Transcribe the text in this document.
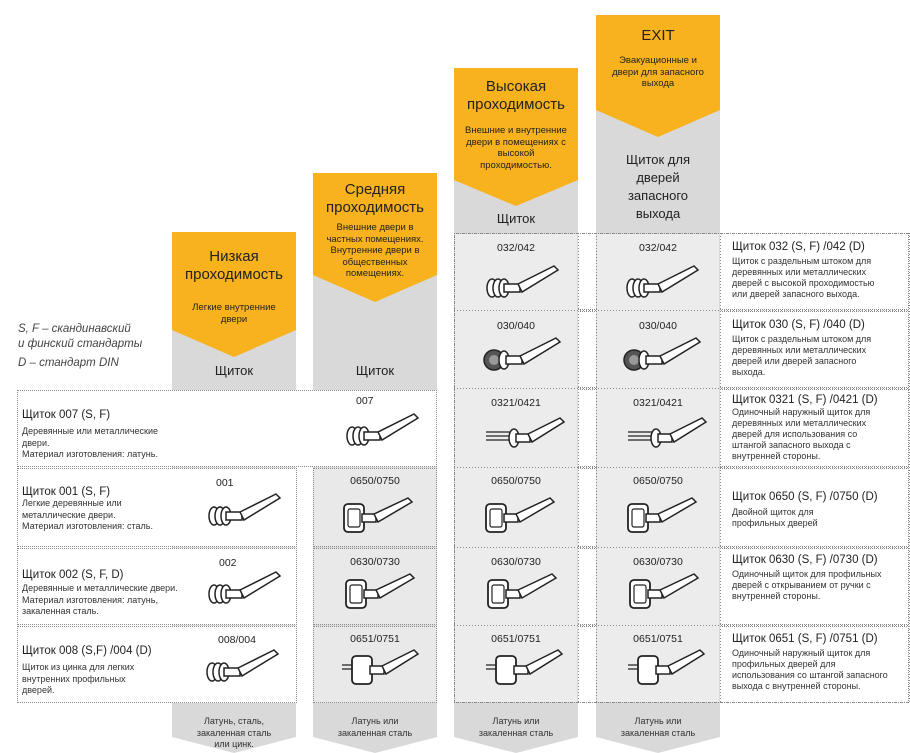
Низкая
проходимость
Легкие внутренние
двери
Щиток
Средняя
проходимость
Внешние двери в
частных помещениях.
Внутренние двери в
общественных
помещениях.
Щиток
Высокая
проходимость
Внешние и внутренние
двери в помещениях с
высокой
проходимостью.
Щиток
EXIT
Эвакуационные и
двери для запасного
выхода
Щиток для
дверей
запасного
выхода
S, F – скандинавский
и финский стандарты
D – стандарт DIN
Щиток 007 (S, F)
Деревянные или металлические
двери.
Материал изготовления: латунь.
007
Щиток 001 (S, F)
Легкие деревянные или
металлические двери.
Материал изготовления: сталь.
001
Щиток 002 (S, F, D)
Деревянные и металлические двери.
Материал изготовления: латунь,
закаленная сталь.
002
Щиток 008 (S,F) /004 (D)
Щиток из цинка для легких
внутренних профильных
дверей.
008/004
0650/0750
0630/0730
0651/0751
032/042
030/040
0321/0421
0650/0750
0630/0730
0651/0751
032/042
030/040
0321/0421
0650/0750
0630/0730
0651/0751
Щиток 032 (S, F) /042 (D)
Щиток с раздельным штоком для
деревянных или металлических
дверей с высокой проходимостью
или дверей запасного выхода.
Щиток 030 (S, F) /040 (D)
Щиток с раздельным штоком для
деревянных или металлических
дверей или дверей запасного
выхода.
Щиток 0321 (S, F) /0421 (D)
Одиночный наружный щиток для
деревянных или металлических
дверей для использования со
штангой запасного выхода с
внутренней стороны.
Щиток 0650 (S, F) /0750 (D)
Двойной щиток для
профильных дверей
Щиток 0630 (S, F) /0730 (D)
Одиночный щиток для профильных
дверей с открыванием от ручки с
внутренней стороны.
Щиток 0651 (S, F) /0751 (D)
Одиночный наружный щиток для
профильных дверей для
использования со штангой запасного
выхода с внутренней стороны.
Латунь, сталь,
закаленная сталь
или цинк.
Латунь или
закаленная сталь
Латунь или
закаленная сталь
Латунь или
закаленная сталь
